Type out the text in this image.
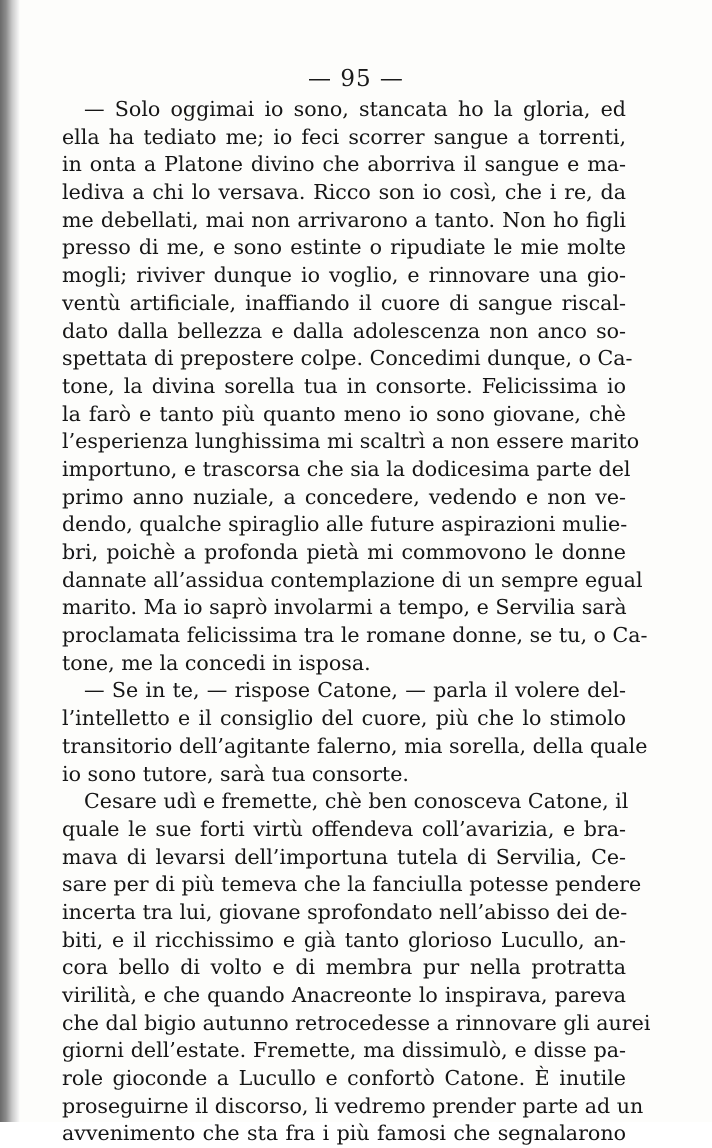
— 95 —
— Solo oggimai io sono, stancata ho la gloria, ed
ella ha tediato me; io feci scorrer sangue a torrenti,
in onta a Platone divino che aborriva il sangue e ma-
lediva a chi lo versava. Ricco son io così, che i re, da
me debellati, mai non arrivarono a tanto. Non ho figli
presso di me, e sono estinte o ripudiate le mie molte
mogli; riviver dunque io voglio, e rinnovare una gio-
ventù artificiale, inaffiando il cuore di sangue riscal-
dato dalla bellezza e dalla adolescenza non anco so-
spettata di prepostere colpe. Concedimi dunque, o Ca-
tone, la divina sorella tua in consorte. Felicissima io
la farò e tanto più quanto meno io sono giovane, chè
l’esperienza lunghissima mi scaltrì a non essere marito
importuno, e trascorsa che sia la dodicesima parte del
primo anno nuziale, a concedere, vedendo e non ve-
dendo, qualche spiraglio alle future aspirazioni mulie-
bri, poichè a profonda pietà mi commovono le donne
dannate all’assidua contemplazione di un sempre egual
marito. Ma io saprò involarmi a tempo, e Servilia sarà
proclamata felicissima tra le romane donne, se tu, o Ca-
tone, me la concedi in isposa.
— Se in te, — rispose Catone, — parla il volere del-
l’intelletto e il consiglio del cuore, più che lo stimolo
transitorio dell’agitante falerno, mia sorella, della quale
io sono tutore, sarà tua consorte.
Cesare udì e fremette, chè ben conosceva Catone, il
quale le sue forti virtù offendeva coll’avarizia, e bra-
mava di levarsi dell’importuna tutela di Servilia, Ce-
sare per di più temeva che la fanciulla potesse pendere
incerta tra lui, giovane sprofondato nell’abisso dei de-
biti, e il ricchissimo e già tanto glorioso Lucullo, an-
cora bello di volto e di membra pur nella protratta
virilità, e che quando Anacreonte lo inspirava, pareva
che dal bigio autunno retrocedesse a rinnovare gli aurei
giorni dell’estate. Fremette, ma dissimulò, e disse pa-
role gioconde a Lucullo e confortò Catone. È inutile
proseguirne il discorso, li vedremo prender parte ad un
avvenimento che sta fra i più famosi che segnalarono
